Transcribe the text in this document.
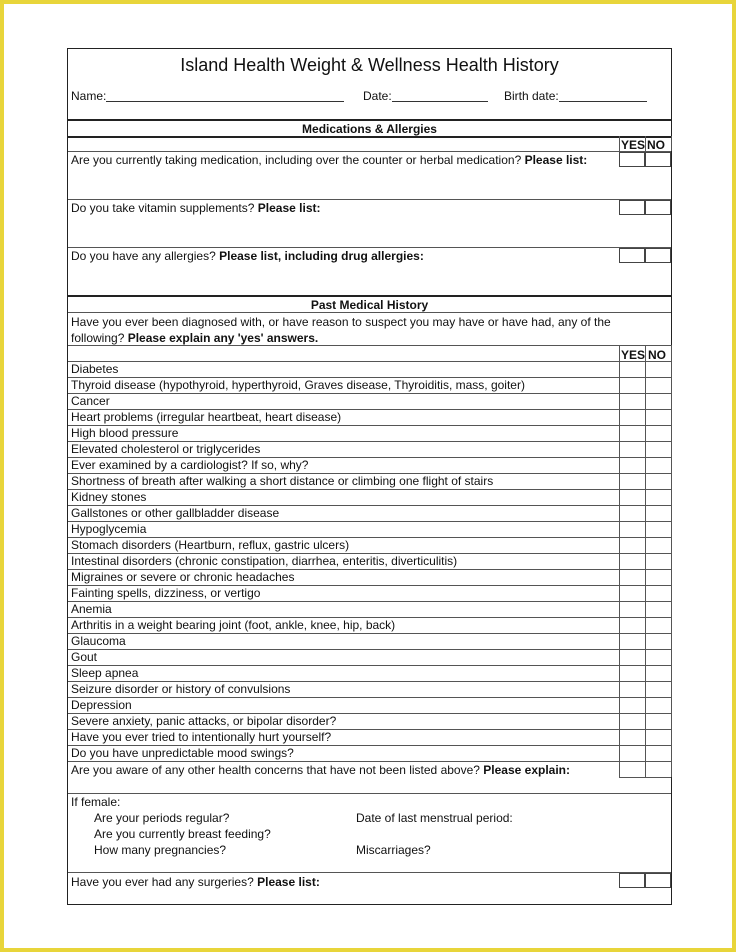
Island Health Weight & Wellness Health History
Name:	Date:	Birth date:
Medications & Allergies
YES NO
Are you currently taking medication, including over the counter or herbal medication? Please list:
Do you take vitamin supplements? Please list:
Do you have any allergies? Please list, including drug allergies:
Past Medical History
Have you ever been diagnosed with, or have reason to suspect you may have or have had, any of the
following? Please explain any 'yes' answers.
YES NO
Diabetes
Thyroid disease (hypothyroid, hyperthyroid, Graves disease, Thyroiditis, mass, goiter)
Cancer
Heart problems (irregular heartbeat, heart disease)
High blood pressure
Elevated cholesterol or triglycerides
Ever examined by a cardiologist? If so, why?
Shortness of breath after walking a short distance or climbing one flight of stairs
Kidney stones
Gallstones or other gallbladder disease
Hypoglycemia
Stomach disorders (Heartburn, reflux, gastric ulcers)
Intestinal disorders (chronic constipation, diarrhea, enteritis, diverticulitis)
Migraines or severe or chronic headaches
Fainting spells, dizziness, or vertigo
Anemia
Arthritis in a weight bearing joint (foot, ankle, knee, hip, back)
Glaucoma
Gout
Sleep apnea
Seizure disorder or history of convulsions
Depression
Severe anxiety, panic attacks, or bipolar disorder?
Have you ever tried to intentionally hurt yourself?
Do you have unpredictable mood swings?
Are you aware of any other health concerns that have not been listed above? Please explain:
If female:
Are your periods regular?	Date of last menstrual period:
Are you currently breast feeding?
How many pregnancies?	Miscarriages?
Have you ever had any surgeries? Please list:
